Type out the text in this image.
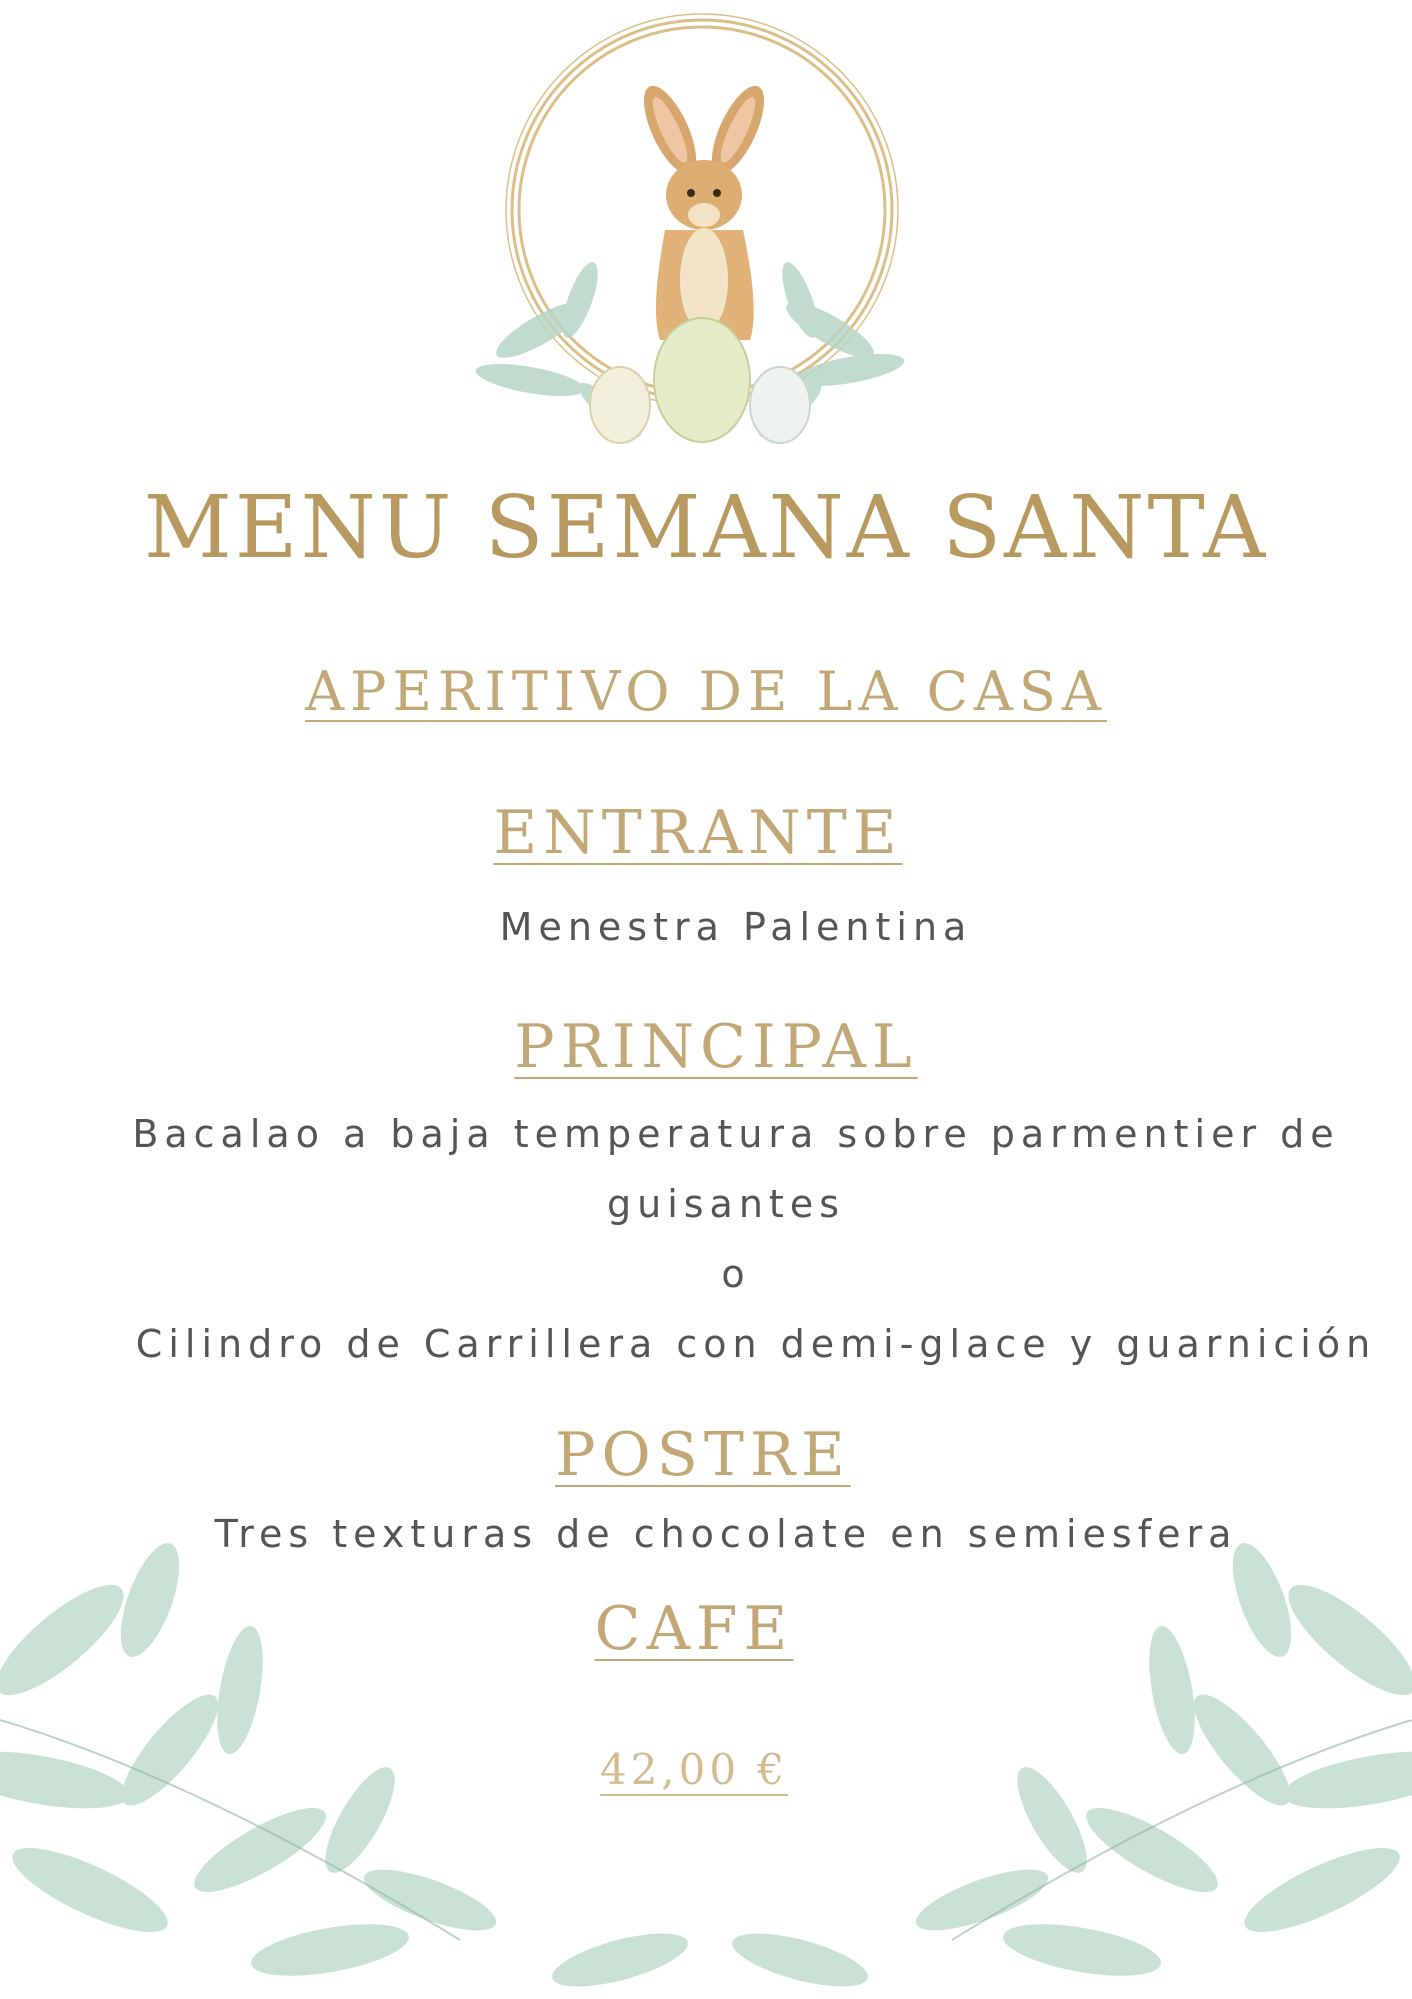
MENU SEMANA SANTA
APERITIVO DE LA CASA
ENTRANTE
Menestra Palentina
PRINCIPAL
Bacalao a baja temperatura sobre parmentier de
guisantes
o
Cilindro de Carrillera con demi-glace y guarnición
POSTRE
Tres texturas de chocolate en semiesfera
CAFE
42,00 €
